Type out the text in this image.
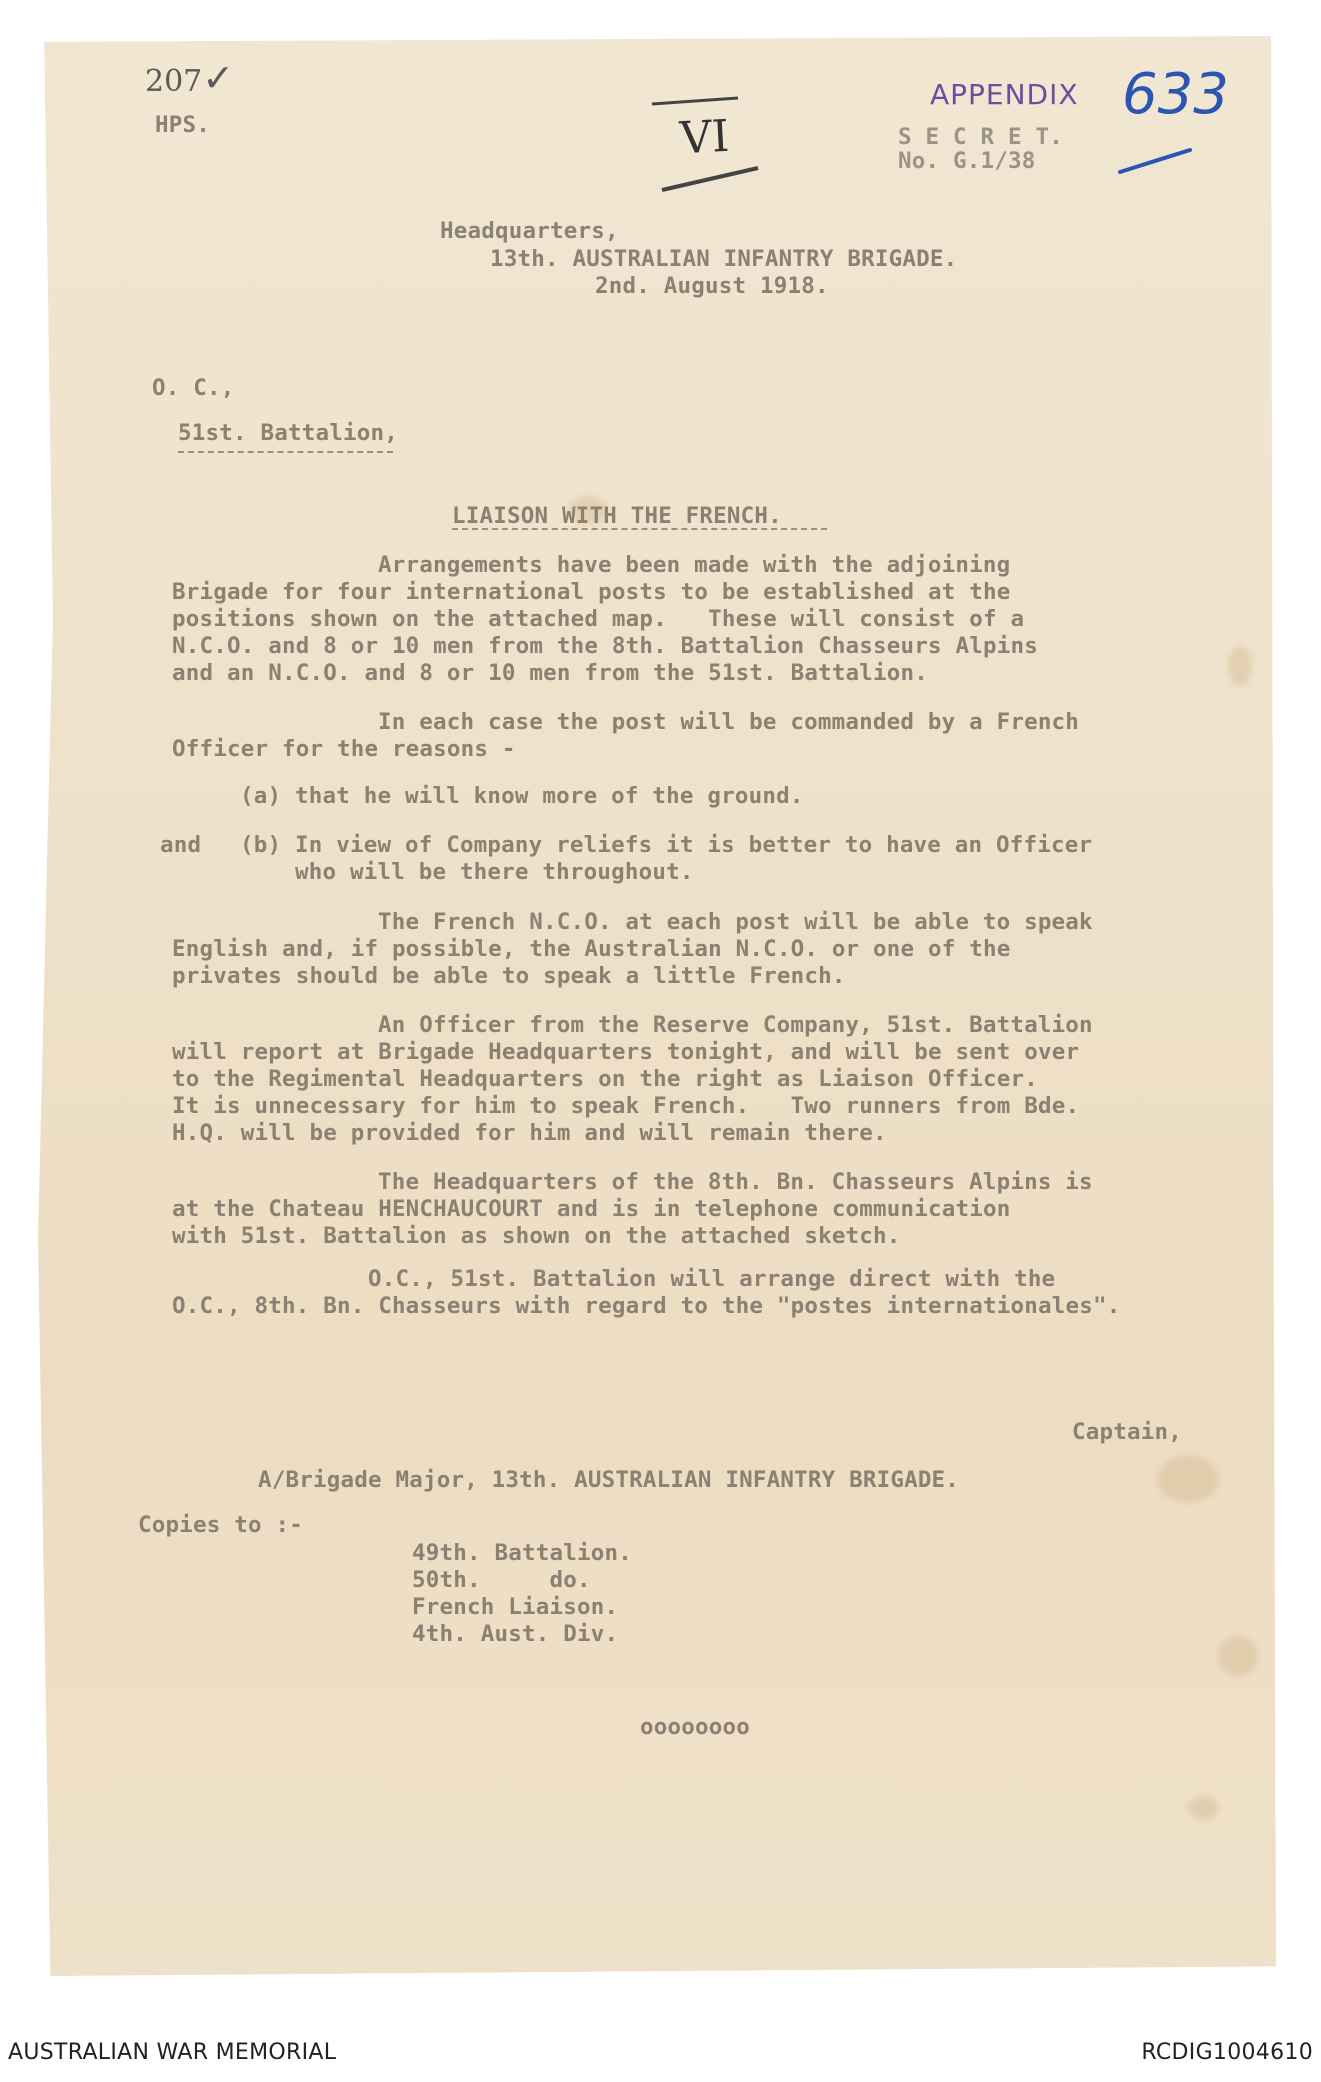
207✓
HPS.	VI
APPENDIX 633
S E C R E T.
No. G.1/38
Headquarters,
13th. AUSTRALIAN INFANTRY BRIGADE.
2nd. August 1918.
O. C.,
51st. Battalion,
LIAISON WITH THE FRENCH.
Arrangements have been made with the adjoining
Brigade for four international posts to be established at the
positions shown on the attached map.   These will consist of a
N.C.O. and 8 or 10 men from the 8th. Battalion Chasseurs Alpins
and an N.C.O. and 8 or 10 men from the 51st. Battalion.
In each case the post will be commanded by a French
Officer for the reasons -
(a) that he will know more of the ground.
and (b) In view of Company reliefs it is better to have an Officer
who will be there throughout.
The French N.C.O. at each post will be able to speak
English and, if possible, the Australian N.C.O. or one of the
privates should be able to speak a little French.
An Officer from the Reserve Company, 51st. Battalion
will report at Brigade Headquarters tonight, and will be sent over
to the Regimental Headquarters on the right as Liaison Officer.
It is unnecessary for him to speak French.   Two runners from Bde.
H.Q. will be provided for him and will remain there.
The Headquarters of the 8th. Bn. Chasseurs Alpins is
at the Chateau HENCHAUCOURT and is in telephone communication
with 51st. Battalion as shown on the attached sketch.
O.C., 51st. Battalion will arrange direct with the
O.C., 8th. Bn. Chasseurs with regard to the "postes internationales".
Captain,
A/Brigade Major, 13th. AUSTRALIAN INFANTRY BRIGADE.
Copies to :-
49th. Battalion.
50th.     do.
French Liaison.
4th. Aust. Div.
oooooooo
AUSTRALIAN WAR MEMORIAL	RCDIG1004610
